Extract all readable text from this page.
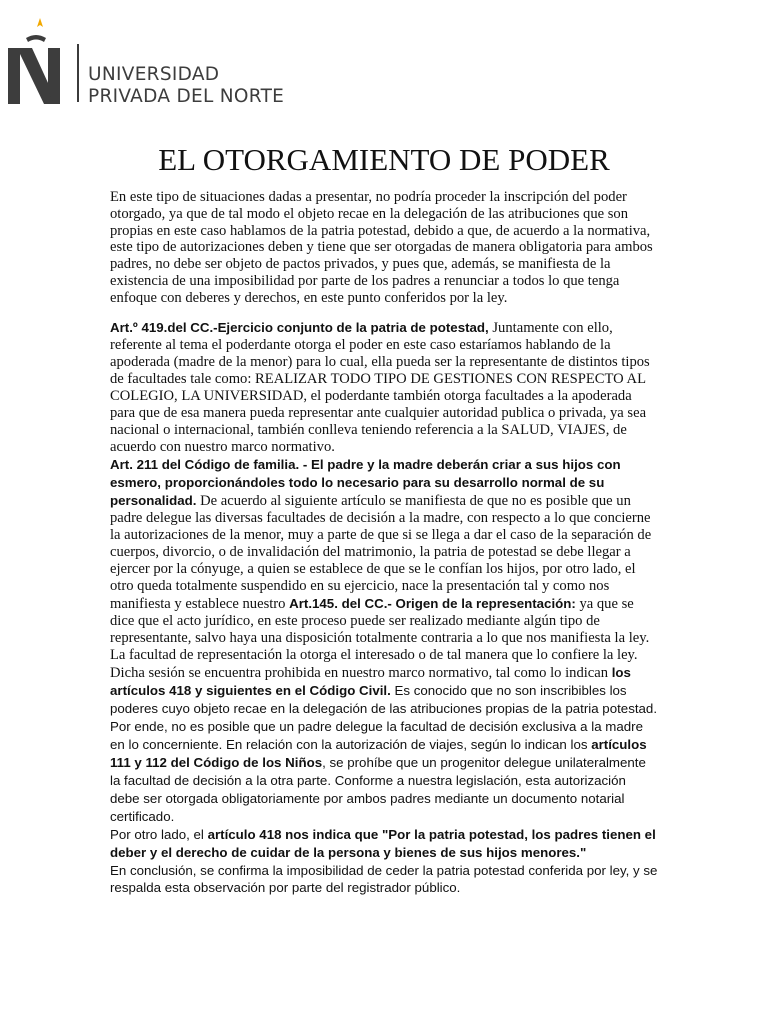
UNIVERSIDAD
PRIVADA DEL NORTE
EL OTORGAMIENTO DE PODER

En este tipo de situaciones dadas a presentar, no podría proceder la inscripción del poder otorgado, ya que de tal modo el objeto recae en la delegación de las atribuciones que son propias en este caso hablamos de la patria potestad, debido a que, de acuerdo a la normativa, este tipo de autorizaciones deben y tiene que ser otorgadas de manera obligatoria para ambos padres, no debe ser objeto de pactos privados, y pues que, además, se manifiesta de la existencia de una imposibilidad por parte de los padres a renunciar a todos lo que tenga enfoque con deberes y derechos, en este punto conferidos por la ley.

Art.º 419.del CC.-Ejercicio conjunto de la patria de potestad, Juntamente con ello, referente al tema el poderdante otorga el poder en este caso estaríamos hablando de la apoderada (madre de la menor) para lo cual, ella pueda ser la representante de distintos tipos de facultades tale como: REALIZAR TODO TIPO DE GESTIONES CON RESPECTO AL COLEGIO, LA UNIVERSIDAD, el poderdante también otorga facultades a la apoderada para que de esa manera pueda representar ante cualquier autoridad publica o privada, ya sea nacional o internacional, también conlleva teniendo referencia a la SALUD, VIAJES, de acuerdo con nuestro marco normativo.

Art. 211 del Código de familia. - El padre y la madre deberán criar a sus hijos con esmero, proporcionándoles todo lo necesario para su desarrollo normal de su personalidad. De acuerdo al siguiente artículo se manifiesta de que no es posible que un padre delegue las diversas facultades de decisión a la madre, con respecto a lo que concierne la autorizaciones de la menor, muy a parte de que si se llega a dar el caso de la separación de cuerpos, divorcio, o de invalidación del matrimonio, la patria de potestad se debe llegar a ejercer por la cónyuge, a quien se establece de que se le confían los hijos, por otro lado, el otro queda totalmente suspendido en su ejercicio, nace la presentación tal y como nos manifiesta y establece nuestro Art.145. del CC.- Origen de la representación: ya que se dice que el acto jurídico, en este proceso puede ser realizado mediante algún tipo de representante, salvo haya una disposición totalmente contraria a lo que nos manifiesta la ley. La facultad de representación la otorga el interesado o de tal manera que lo confiere la ley.

Dicha sesión se encuentra prohibida en nuestro marco normativo, tal como lo indican los artículos 418 y siguientes en el Código Civil. Es conocido que no son inscribibles los poderes cuyo objeto recae en la delegación de las atribuciones propias de la patria potestad. Por ende, no es posible que un padre delegue la facultad de decisión exclusiva a la madre en lo concerniente. En relación con la autorización de viajes, según lo indican los artículos 111 y 112 del Código de los Niños, se prohíbe que un progenitor delegue unilateralmente la facultad de decisión a la otra parte. Conforme a nuestra legislación, esta autorización debe ser otorgada obligatoriamente por ambos padres mediante un documento notarial certificado.

Por otro lado, el artículo 418 nos indica que "Por la patria potestad, los padres tienen el deber y el derecho de cuidar de la persona y bienes de sus hijos menores."

En conclusión, se confirma la imposibilidad de ceder la patria potestad conferida por ley, y se respalda esta observación por parte del registrador público.
